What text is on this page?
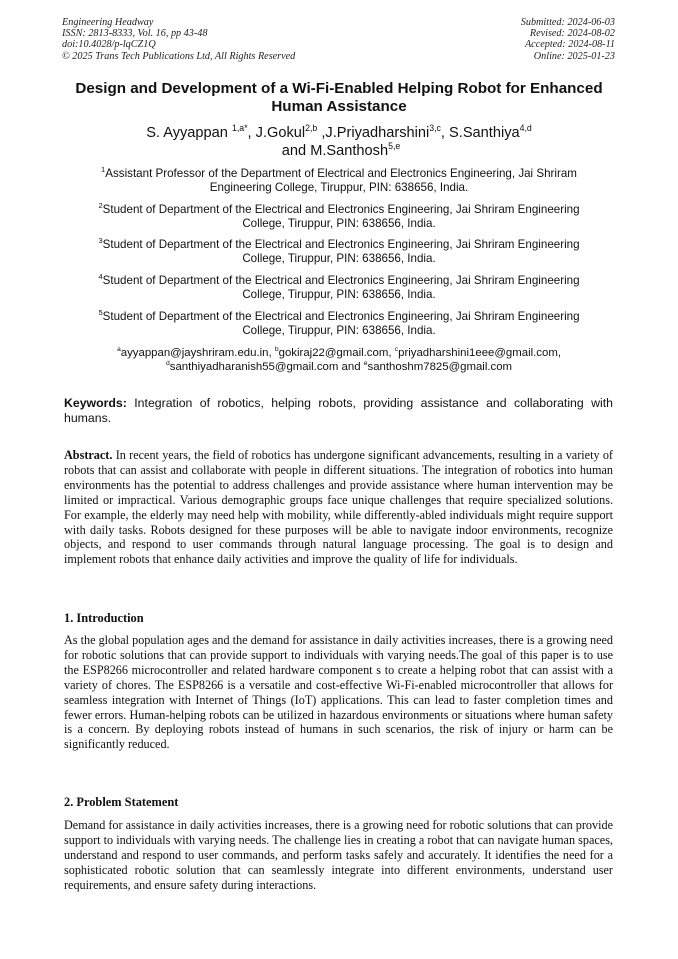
Engineering Headway
ISSN: 2813-8333, Vol. 16, pp 43-48
doi:10.4028/p-lqCZ1Q
© 2025 Trans Tech Publications Ltd, All Rights Reserved
Submitted: 2024-06-03
Revised: 2024-08-02
Accepted: 2024-08-11
Online: 2025-01-23
Design and Development of a Wi-Fi-Enabled Helping Robot for Enhanced Human Assistance
S. Ayyappan $^{1,a*}$, J.Gokul$^{2,b}$ ,J.Priyadharshini$^{3,c}$, S.Santhiya$^{4,d}$
and M.Santhosh$^{5,e}$
$^1$Assistant Professor of the Department of Electrical and Electronics Engineering, Jai Shriram Engineering College, Tiruppur, PIN: 638656, India.
$^2$Student of Department of the Electrical and Electronics Engineering, Jai Shriram Engineering College, Tiruppur, PIN: 638656, India.
$^3$Student of Department of the Electrical and Electronics Engineering, Jai Shriram Engineering College, Tiruppur, PIN: 638656, India.
$^4$Student of Department of the Electrical and Electronics Engineering, Jai Shriram Engineering College, Tiruppur, PIN: 638656, India.
$^5$Student of Department of the Electrical and Electronics Engineering, Jai Shriram Engineering College, Tiruppur, PIN: 638656, India.
$^a$ayyappan@jayshriram.edu.in, $^b$gokiraj22@gmail.com, $^c$priyadharshini1eee@gmail.com,
$^d$santhiyadharanish55@gmail.com and $^e$santhoshm7825@gmail.com
Keywords: Integration of robotics, helping robots, providing assistance and collaborating with humans.
Abstract. In recent years, the field of robotics has undergone significant advancements, resulting in a variety of robots that can assist and collaborate with people in different situations. The integration of robotics into human environments has the potential to address challenges and provide assistance where human intervention may be limited or impractical. Various demographic groups face unique challenges that require specialized solutions. For example, the elderly may need help with mobility, while differently-abled individuals might require support with daily tasks. Robots designed for these purposes will be able to navigate indoor environments, recognize objects, and respond to user commands through natural language processing. The goal is to design and implement robots that enhance daily activities and improve the quality of life for individuals.
1. Introduction
As the global population ages and the demand for assistance in daily activities increases, there is a growing need for robotic solutions that can provide support to individuals with varying needs.The goal of this paper is to use the ESP8266 microcontroller and related hardware component s to create a helping robot that can assist with a variety of chores. The ESP8266 is a versatile and cost-effective Wi-Fi-enabled microcontroller that allows for seamless integration with Internet of Things (IoT) applications. This can lead to faster completion times and fewer errors. Human-helping robots can be utilized in hazardous environments or situations where human safety is a concern. By deploying robots instead of humans in such scenarios, the risk of injury or harm can be significantly reduced.
2. Problem Statement
Demand for assistance in daily activities increases, there is a growing need for robotic solutions that can provide support to individuals with varying needs. The challenge lies in creating a robot that can navigate human spaces, understand and respond to user commands, and perform tasks safely and accurately. It identifies the need for a sophisticated robotic solution that can seamlessly integrate into different environments, understand user requirements, and ensure safety during interactions.
